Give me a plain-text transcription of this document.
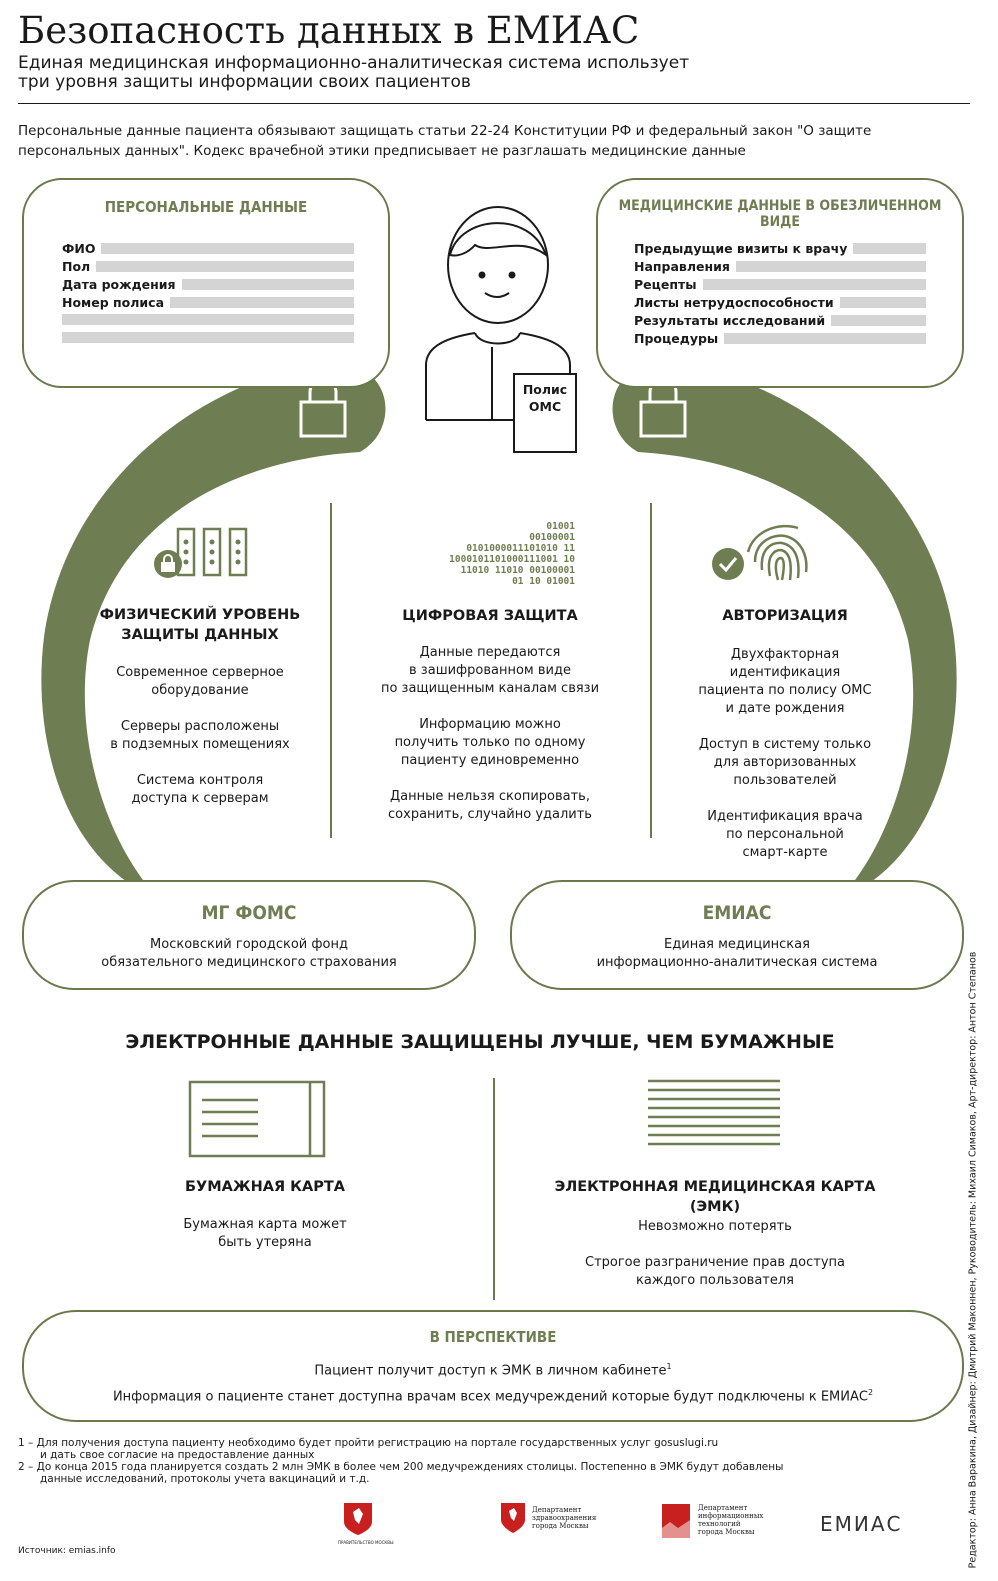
Безопасность данных в ЕМИАС
Единая медицинская информационно-аналитическая система использует три уровня защиты информации своих пациентов
Персональные данные пациента обязывают защищать статьи 22-24 Конституции РФ и федеральный закон "О защите персональных данных". Кодекс врачебной этики предписывает не разглашать медицинские данные
ПЕРСОНАЛЬНЫЕ ДАННЫЕ
ФИО
Пол
Дата рождения
Номер полиса
МЕДИЦИНСКИЕ ДАННЫЕ В ОБЕЗЛИЧЕННОМ ВИДЕ
Предыдущие визиты к врачу
Направления
Рецепты
Листы нетрудоспособности
Результаты исследований
Процедуры
Полис
ОМС
ФИЗИЧЕСКИЙ УРОВЕНЬ
ЗАЩИТЫ ДАННЫХ
Современное серверное
оборудование
Серверы расположены
в подземных помещениях
Система контроля
доступа к серверам
01001
00100001
0101000011101010 11
1000101101000111001 10
11010 11010 00100001
01 10 01001
ЦИФРОВАЯ ЗАЩИТА
Данные передаются
в зашифрованном виде
по защищенным каналам связи
Информацию можно
получить только по одному
пациенту единовременно
Данные нельзя скопировать,
сохранить, случайно удалить
АВТОРИЗАЦИЯ
Двухфакторная
идентификация
пациента по полису ОМС
и дате рождения
Доступ в систему только
для авторизованных
пользователей
Идентификация врача
по персональной
смарт-карте
МГ ФОМС
Московский городской фонд
обязательного медицинского страхования
ЕМИАС
Единая медицинская
информационно-аналитическая система
ЭЛЕКТРОННЫЕ ДАННЫЕ ЗАЩИЩЕНЫ ЛУЧШЕ, ЧЕМ БУМАЖНЫЕ
БУМАЖНАЯ КАРТА
Бумажная карта может
быть утеряна
ЭЛЕКТРОННАЯ МЕДИЦИНСКАЯ КАРТА (ЭМК)
Невозможно потерять
Строгое разграничение прав доступа
каждого пользователя
В ПЕРСПЕКТИВЕ
Пациент получит доступ к ЭМК в личном кабинете$^1$
Информация о пациенте станет доступна врачам всех медучреждений которые будут подключены к ЕМИАС$^2$
1 – Для получения доступа пациенту необходимо будет пройти регистрацию на портале государственных услуг gosuslugi.ru
и дать свое согласие на предоставление данных
2 – До конца 2015 года планируется создать 2 млн ЭМК в более чем 200 медучреждениях столицы. Постепенно в ЭМК будут добавлены
данные исследований, протоколы учета вакцинаций и т.д.
ПРАВИТЕЛЬСТВО МОСКВЫ
Департамент
здравоохранения
города Москвы
Департамент
информационных
технологий
города Москвы	ЕМИАС
Источник: emias.info	Редактор: Анна Варакина, Дизайнер: Дмитрий Маконнен, Руководитель: Михаил Симаков, Арт-директор: Антон Степанов
